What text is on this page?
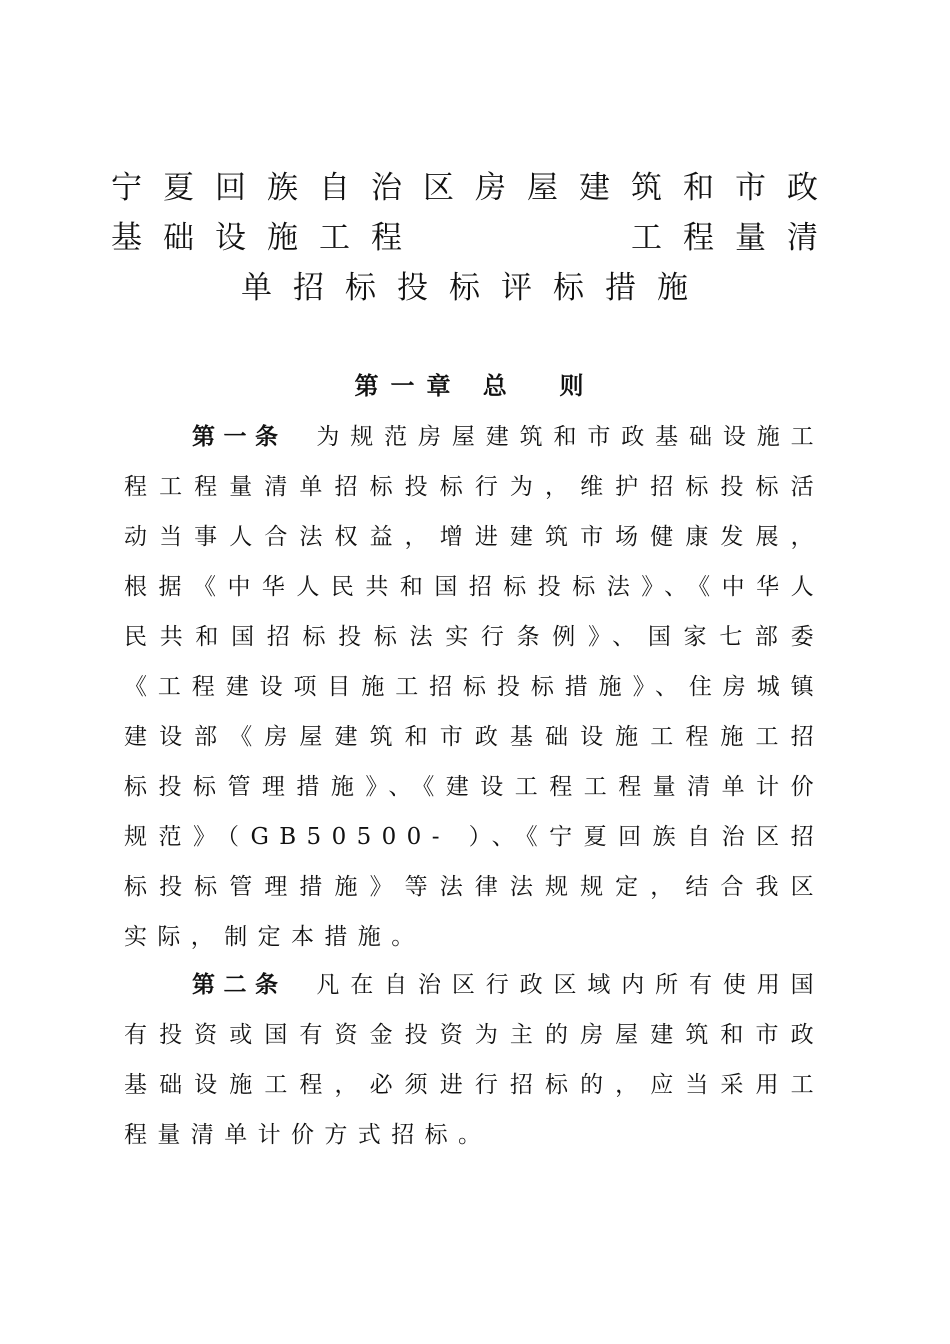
宁夏回族自治区房屋建筑和市政
基础设施工程　　　　工程量清
单招标投标评标措施
第一章 总  则

第一条 为规范房屋建筑和市政基础设施工程工程量清单招标投标行为，维护招标投标活动当事人合法权益，增进建筑市场健康发展，根据《中华人民共和国招标投标法》、《中华人民共和国招标投标法实行条例》、国家七部委《工程建设项目施工招标投标措施》、住房城镇建设部《房屋建筑和市政基础设施工程施工招标投标管理措施》、《建设工程工程量清单计价规范》（GB50500- ）、《宁夏回族自治区招标投标管理措施》等法律法规规定，结合我区实际，制定本措施。

第二条 凡在自治区行政区域内所有使用国有投资或国有资金投资为主的房屋建筑和市政基础设施工程，必须进行招标的，应当采用工程量清单计价方式招标。
